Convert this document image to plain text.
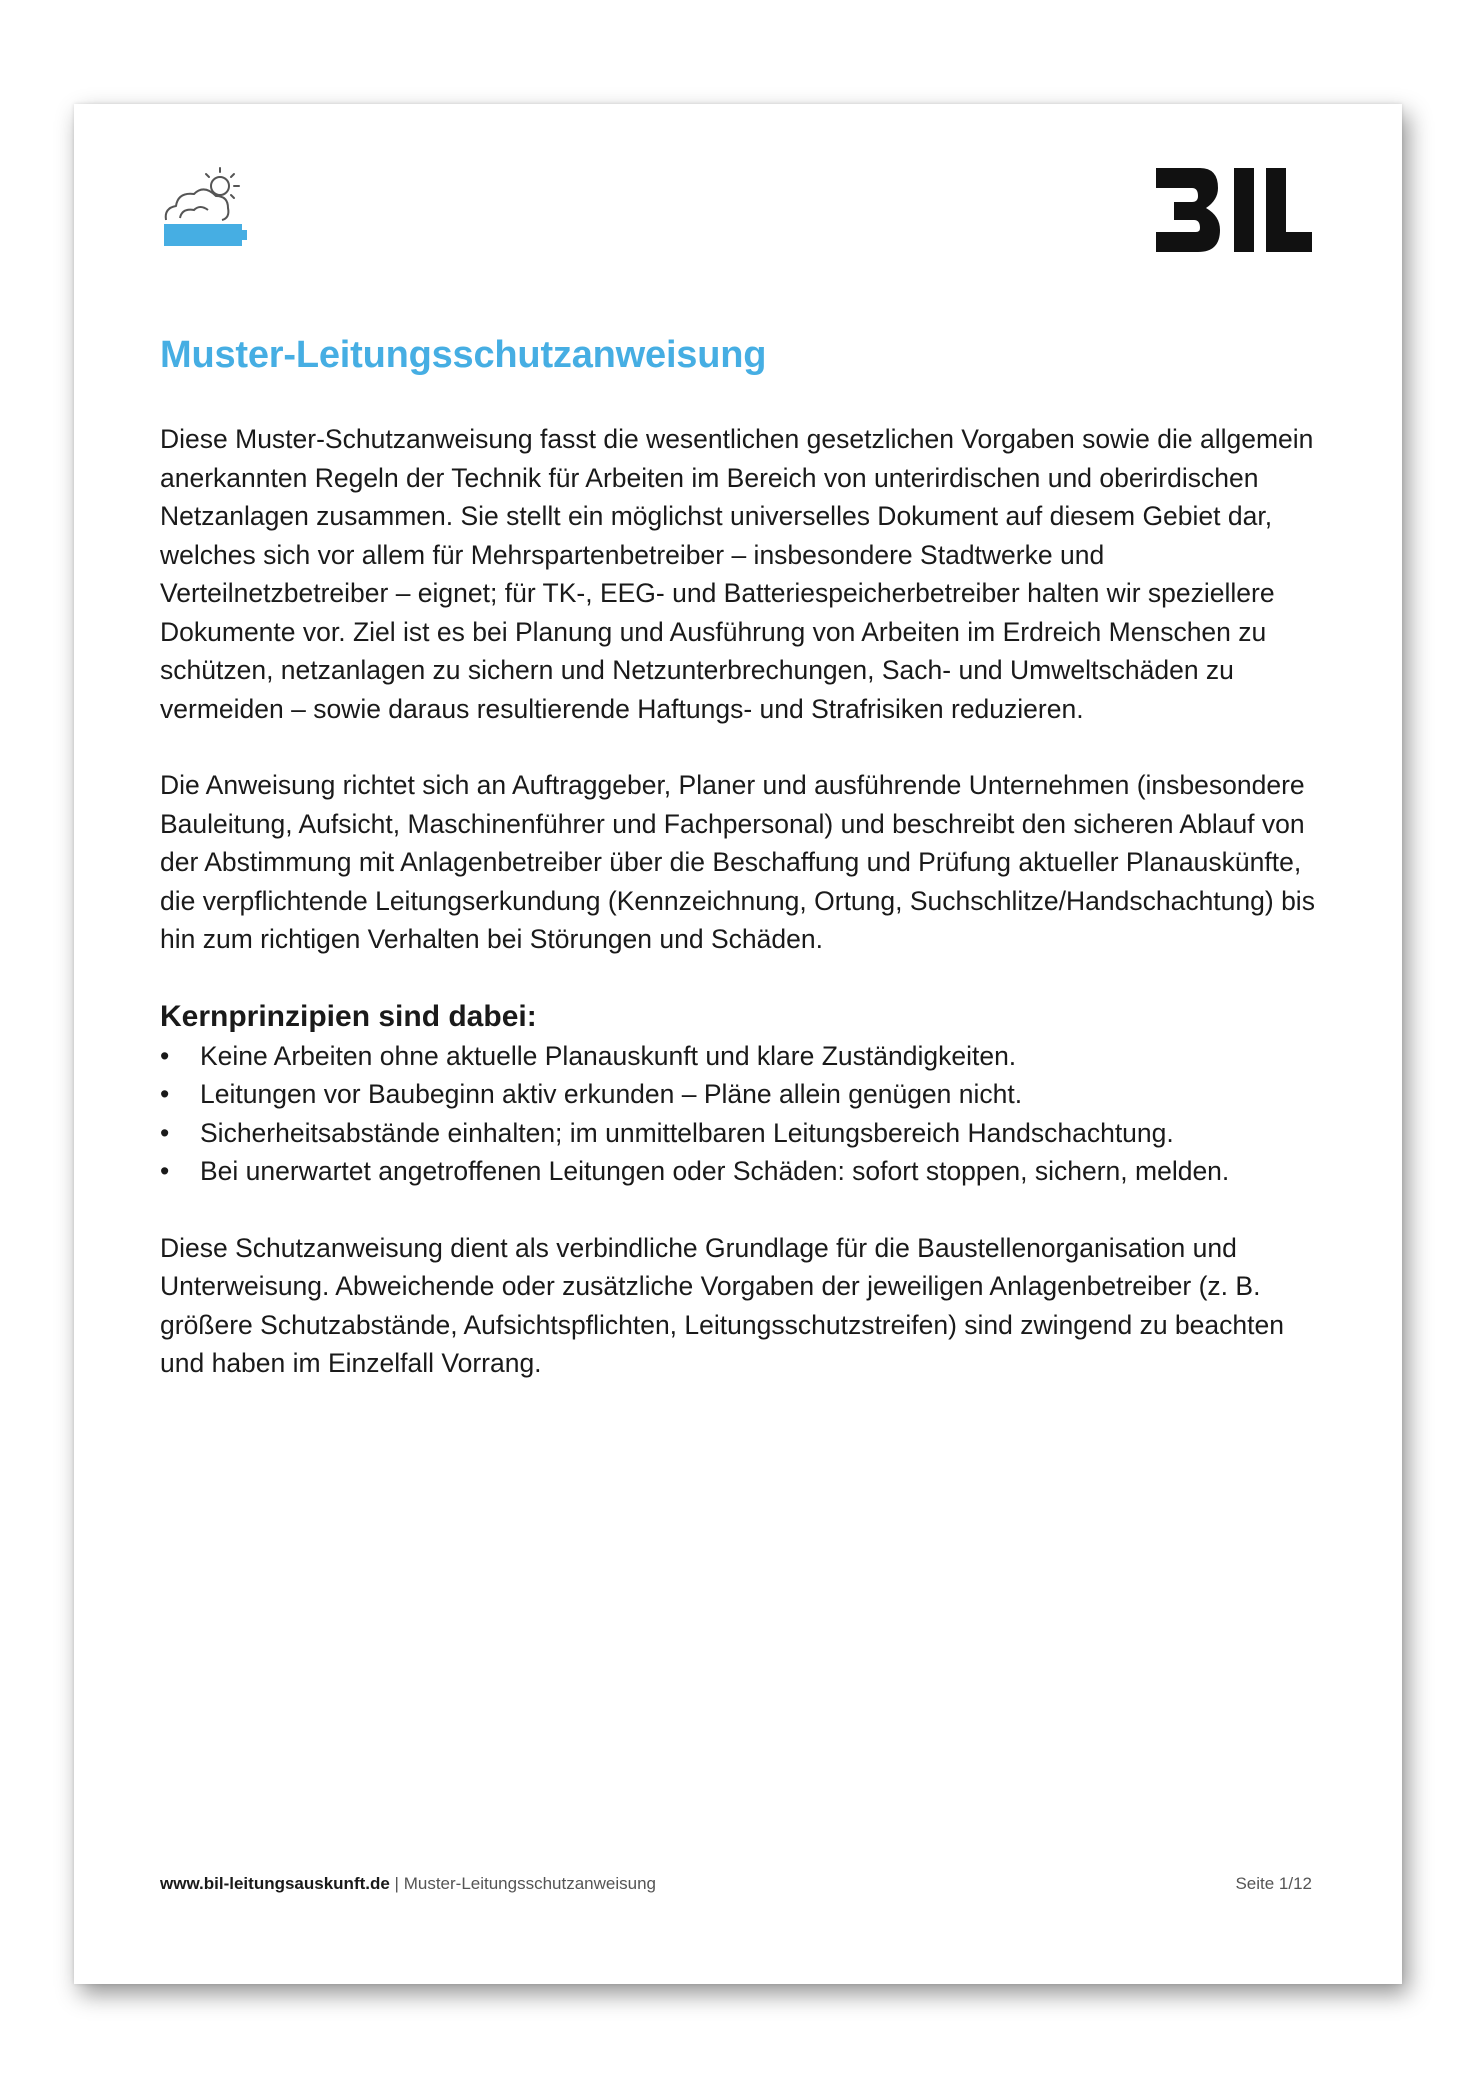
Muster-Leitungsschutzanweisung

Diese Muster-Schutzanweisung fasst die wesentlichen gesetzlichen Vorgaben sowie die allgemein anerkannten Regeln der Technik für Arbeiten im Bereich von unterirdischen und oberirdischen Netzanlagen zusammen. Sie stellt ein möglichst universelles Dokument auf diesem Gebiet dar, welches sich vor allem für Mehrspartenbetreiber – insbesondere Stadtwerke und Verteilnetzbetreiber – eignet; für TK-, EEG- und Batteriespeicherbetreiber halten wir speziellere Dokumente vor. Ziel ist es bei Planung und Ausführung von Arbeiten im Erdreich Menschen zu schützen, netzanlagen zu sichern und Netzunterbrechungen, Sach- und Umweltschäden zu vermeiden – sowie daraus resultierende Haftungs- und Strafrisiken reduzieren.

Die Anweisung richtet sich an Auftraggeber, Planer und ausführende Unternehmen (insbesondere Bauleitung, Aufsicht, Maschinenführer und Fachpersonal) und beschreibt den sicheren Ablauf von der Abstimmung mit Anlagenbetreiber über die Beschaffung und Prüfung aktueller Planauskünfte, die verpflichtende Leitungserkundung (Kennzeichnung, Ortung, Suchschlitze/Handschachtung) bis hin zum richtigen Verhalten bei Störungen und Schäden.

Kernprinzipien sind dabei:
• Keine Arbeiten ohne aktuelle Planauskunft und klare Zuständigkeiten.
• Leitungen vor Baubeginn aktiv erkunden – Pläne allein genügen nicht.
• Sicherheitsabstände einhalten; im unmittelbaren Leitungsbereich Handschachtung.
• Bei unerwartet angetroffenen Leitungen oder Schäden: sofort stoppen, sichern, melden.

Diese Schutzanweisung dient als verbindliche Grundlage für die Baustellenorganisation und Unterweisung. Abweichende oder zusätzliche Vorgaben der jeweiligen Anlagenbetreiber (z. B. größere Schutzabstände, Aufsichtspflichten, Leitungsschutzstreifen) sind zwingend zu beachten und haben im Einzelfall Vorrang.

www.bil-leitungsauskunft.de | Muster-Leitungsschutzanweisung	Seite 1/12
